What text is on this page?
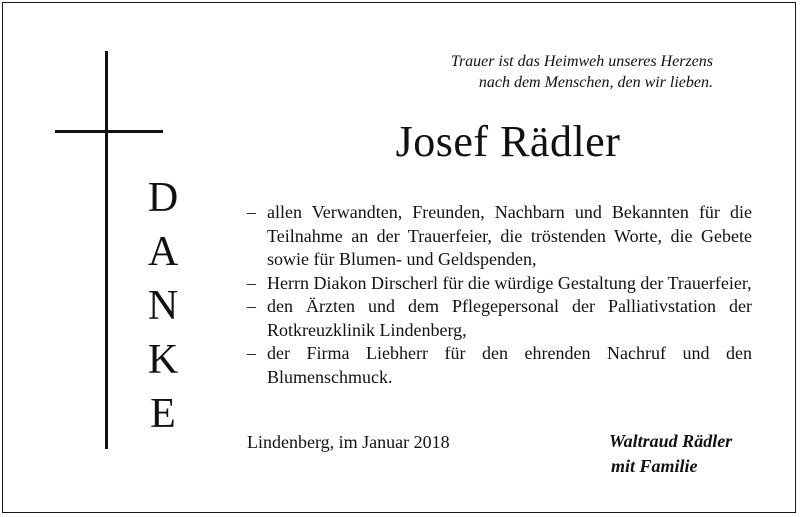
D
A
N
K
E
Trauer ist das Heimweh unseres Herzens
nach dem Menschen, den wir lieben.
Josef Rädler
– allen Verwandten, Freunden, Nachbarn und Bekannten für die Teilnahme an der Trauerfeier, die tröstenden Worte, die Gebete sowie für Blumen- und Geldspenden,
– Herrn Diakon Dirscherl für die würdige Gestaltung der Trauerfeier,
– den Ärzten und dem Pflegepersonal der Palliativstation der Rotkreuzklinik Lindenberg,
– der Firma Liebherr für den ehrenden Nachruf und den Blumenschmuck.
Lindenberg, im Januar 2018	Waltraud Rädler
mit Familie
